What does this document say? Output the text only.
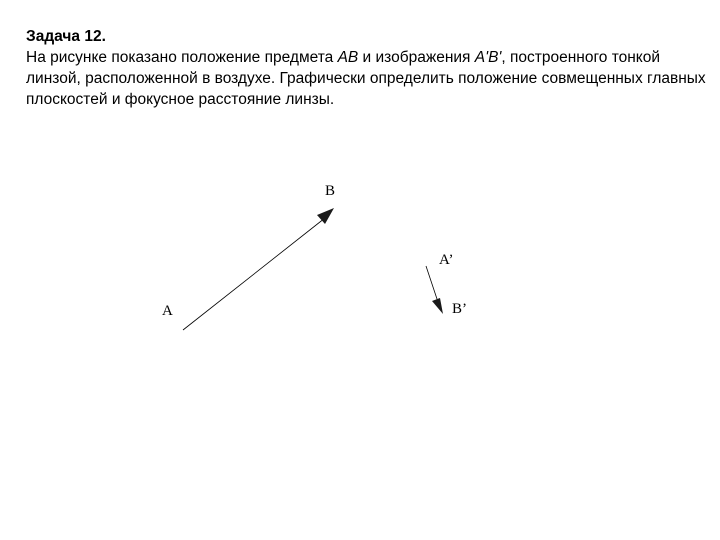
Задача 12.
На рисунке показано положение предмета АВ и изображения А'В', построенного тонкой линзой, расположенной в воздухе. Графически определить положение совмещенных главных плоскостей и фокусное расстояние линзы.
А
В
А’
В’
